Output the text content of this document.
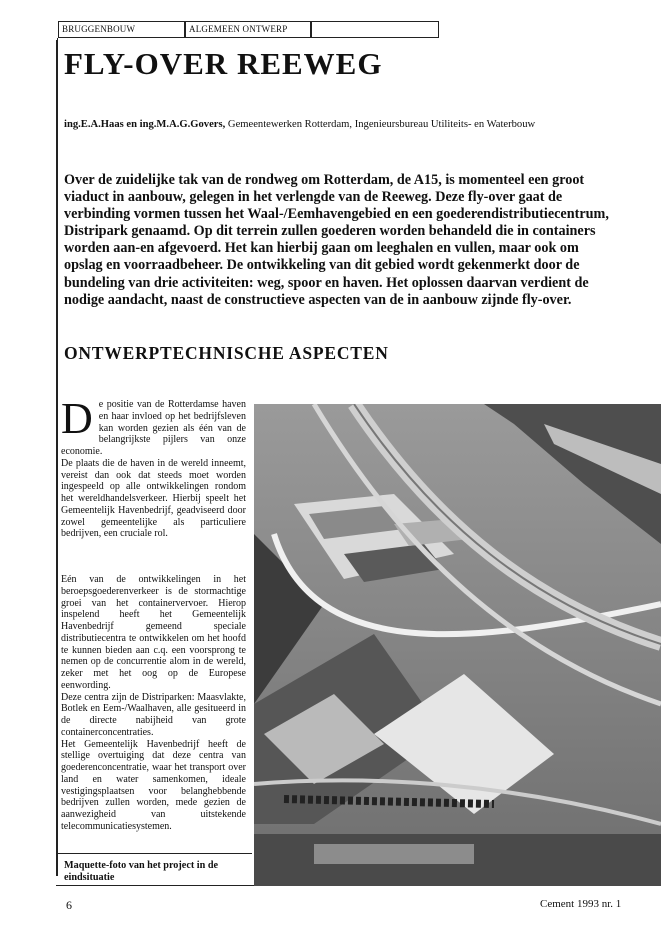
BRUGGENBOUW	ALGEMEEN ONTWERP
FLY-OVER REEWEG
ing.E.A.Haas en ing.M.A.G.Govers, Gemeentewerken Rotterdam, Ingenieursbureau Utiliteits- en Waterbouw
Over de zuidelijke tak van de rondweg om Rotterdam, de A15, is momenteel een groot viaduct in aanbouw, gelegen in het verlengde van de Reeweg. Deze fly-over gaat de verbinding vormen tussen het Waal-/Eemhavengebied en een goederendistributiecentrum, Distripark genaamd. Op dit terrein zullen goederen worden behandeld die in containers worden aan-en afgevoerd. Het kan hierbij gaan om leeghalen en vullen, maar ook om opslag en voorraadbeheer. De ontwikkeling van dit gebied wordt gekenmerkt door de bundeling van drie activiteiten: weg, spoor en haven. Het oplossen daarvan verdient de nodige aandacht, naast de constructieve aspecten van de in aanbouw zijnde fly-over.
ONTWERPTECHNISCHE ASPECTEN
D e positie van de Rotterdamse haven en haar invloed op het bedrijfsleven kan worden gezien als één van de belangrijkste pijlers van onze economie.
De plaats die de haven in de wereld inneemt, vereist dan ook dat steeds moet worden ingespeeld op alle ontwikkelingen rondom het wereldhandelsverkeer. Hierbij speelt het Gemeentelijk Havenbedrijf, geadviseerd door zowel gemeentelijke als particuliere bedrijven, een cruciale rol.
Eén van de ontwikkelingen in het beroepsgoederenverkeer is de stormachtige groei van het containervervoer. Hierop inspelend heeft het Gemeentelijk Havenbedrijf gemeend speciale distributiecentra te ontwikkelen om het hoofd te kunnen bieden aan c.q. een voorsprong te nemen op de concurrentie alom in de wereld, zeker met het oog op de Europese eenwording.
Deze centra zijn de Distriparken: Maasvlakte, Botlek en Eem-/Waalhaven, alle gesitueerd in de directe nabijheid van grote containerconcentraties.
Het Gemeentelijk Havenbedrijf heeft de stellige overtuiging dat deze centra van goederenconcentratie, waar het transport over land en water samenkomen, ideale vestigingsplaatsen voor belanghebbende bedrijven zullen worden, mede gezien de aanwezigheid van uitstekende telecommunicatiesystemen.
Maquette-foto van het project in de eindsituatie
6	Cement 1993 nr. 1
